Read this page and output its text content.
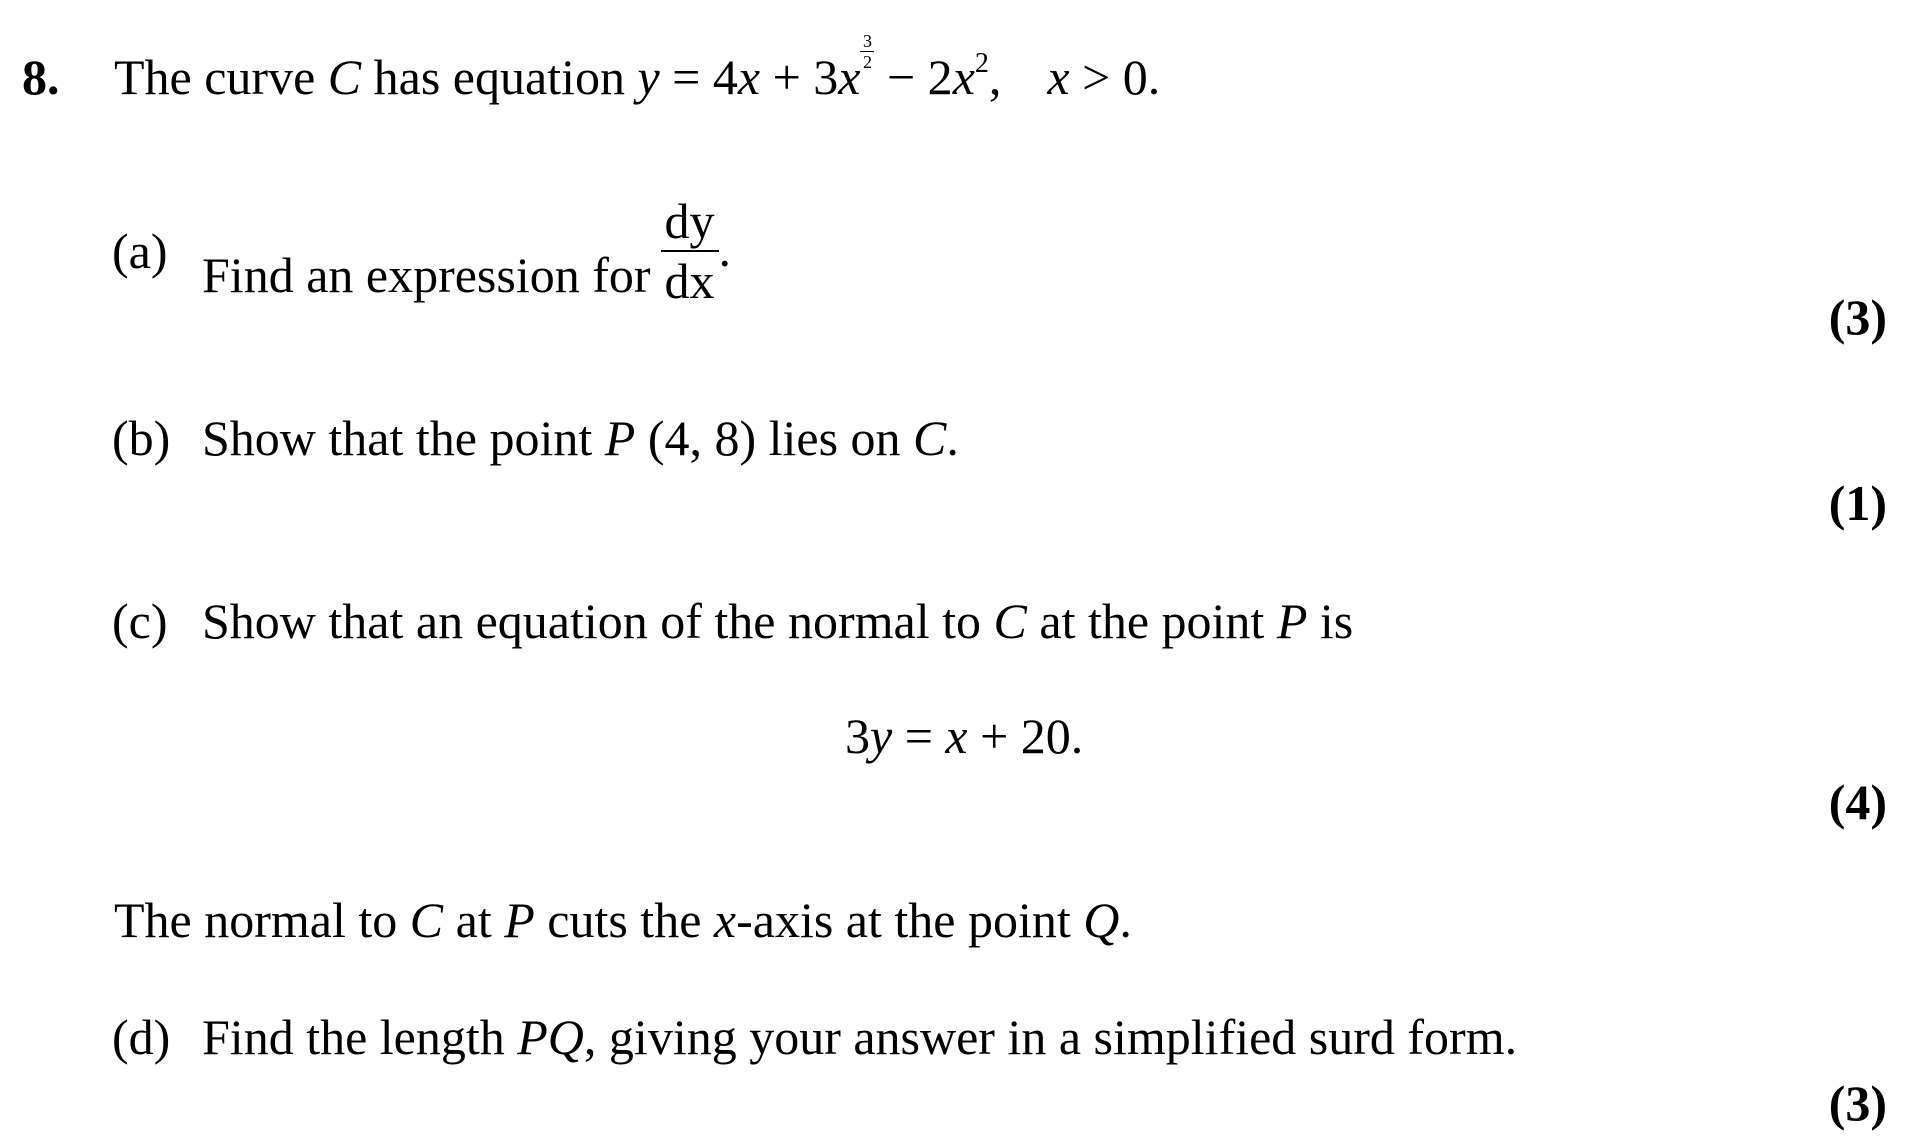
8. The curve C has equation $y = 4x + 3x \frac{3}{2} - 2x^2$, x > 0.
(a) Find an expression for $\frac{dy}{dx}$ .
(3)
(b) Show that the point P (4, 8) lies on C.
(1)
(c) Show that an equation of the normal to C at the point P is
3y = x + 20.
(4)
The normal to C at P cuts the x-axis at the point Q.
(d) Find the length PQ, giving your answer in a simplified surd form.
(3)
